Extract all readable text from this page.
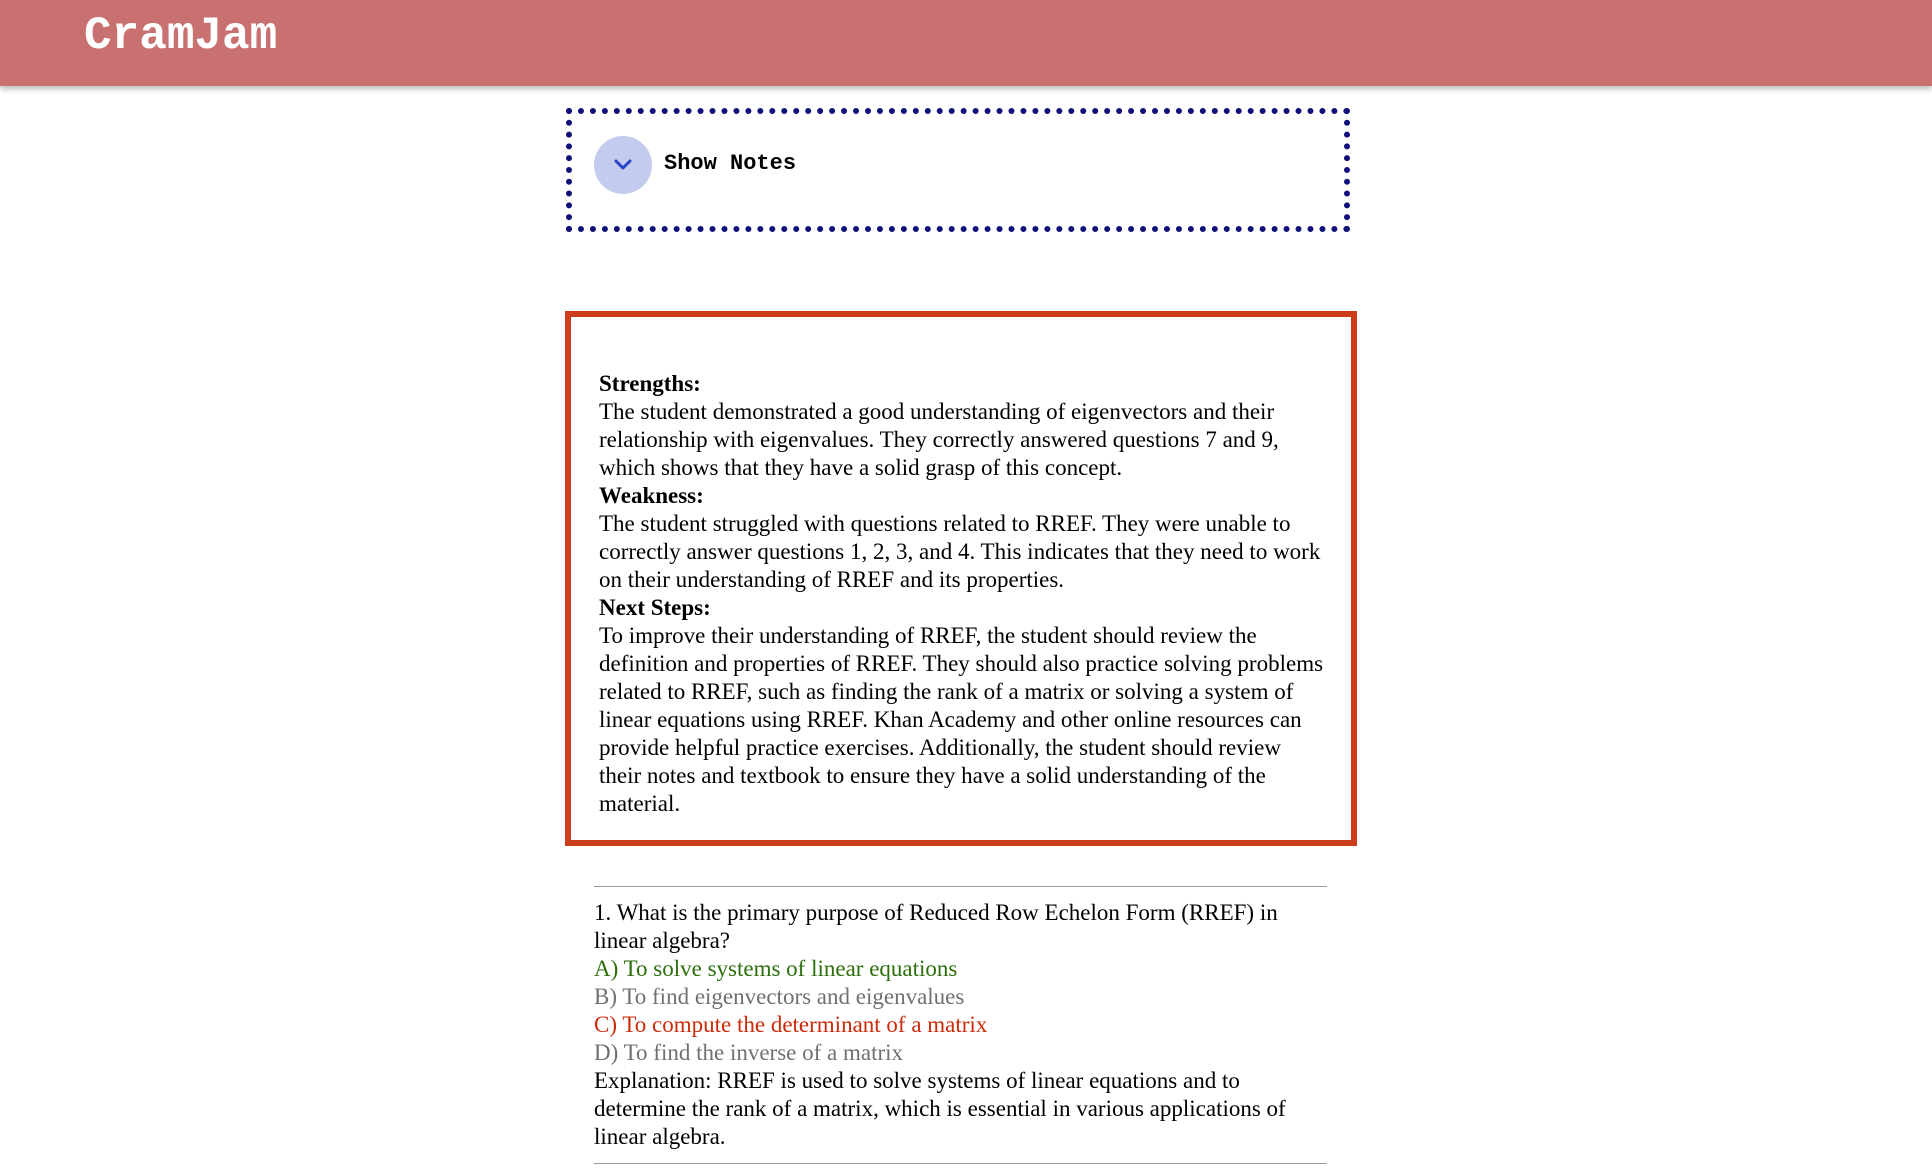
CramJam
Show Notes
Strengths:
The student demonstrated a good understanding of eigenvectors and their relationship with eigenvalues. They correctly answered questions 7 and 9, which shows that they have a solid grasp of this concept.
Weakness:
The student struggled with questions related to RREF. They were unable to correctly answer questions 1, 2, 3, and 4. This indicates that they need to work on their understanding of RREF and its properties.
Next Steps:
To improve their understanding of RREF, the student should review the definition and properties of RREF. They should also practice solving problems related to RREF, such as finding the rank of a matrix or solving a system of linear equations using RREF. Khan Academy and other online resources can provide helpful practice exercises. Additionally, the student should review their notes and textbook to ensure they have a solid understanding of the material.
1. What is the primary purpose of Reduced Row Echelon Form (RREF) in linear algebra?
A) To solve systems of linear equations
B) To find eigenvectors and eigenvalues
C) To compute the determinant of a matrix
D) To find the inverse of a matrix
Explanation: RREF is used to solve systems of linear equations and to determine the rank of a matrix, which is essential in various applications of linear algebra.
